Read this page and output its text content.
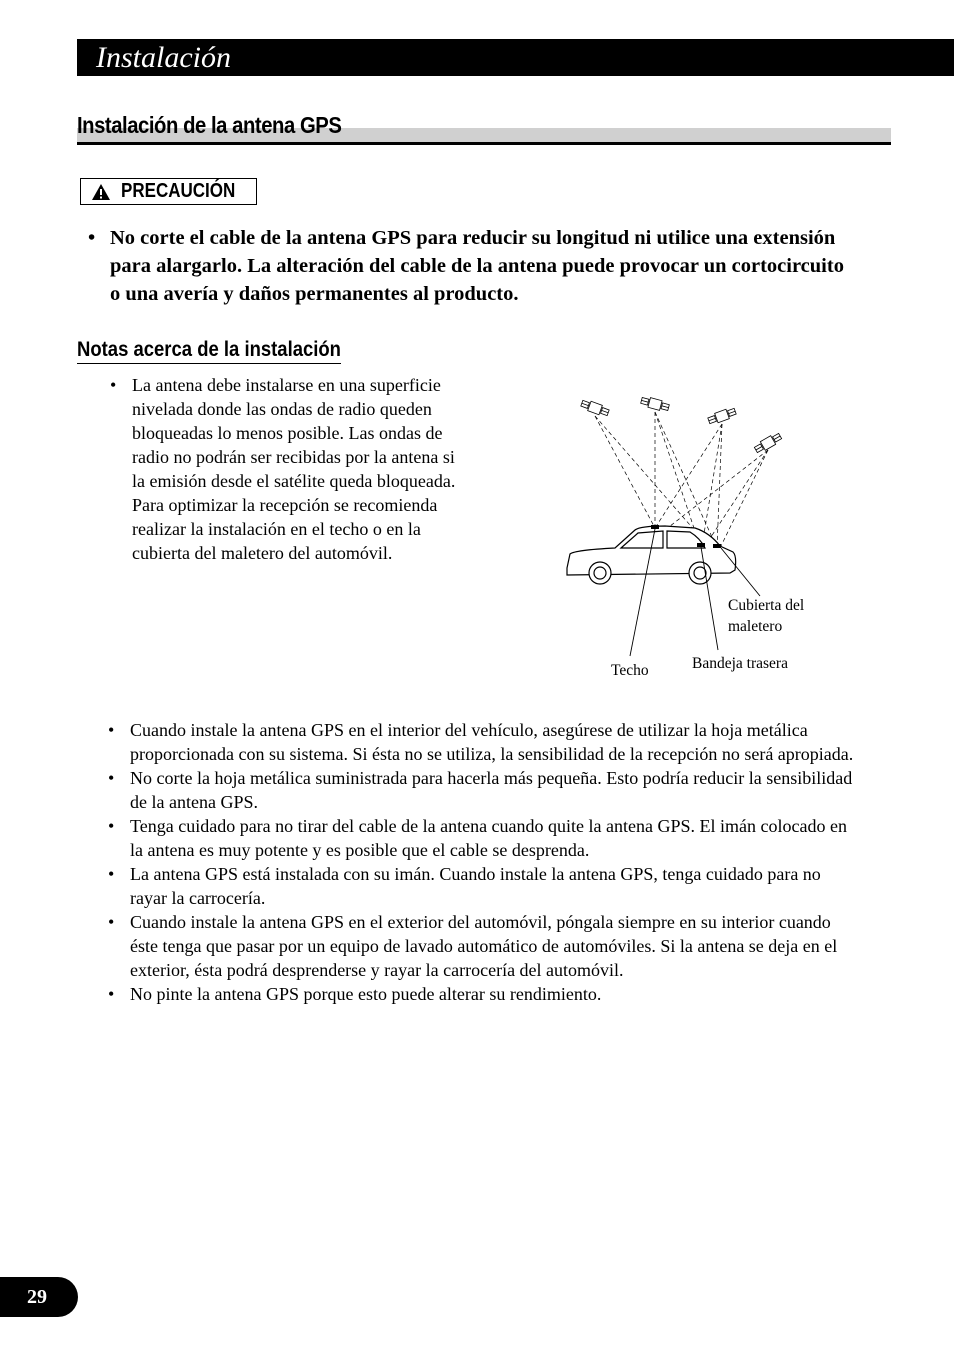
Instalación
Instalación de la antena GPS
PRECAUCIÓN
• No corte el cable de la antena GPS para reducir su longitud ni utilice una extensión para alargarlo. La alteración del cable de la antena puede provocar un cortocircuito o una avería y daños permanentes al producto.
Notas acerca de la instalación
• La antena debe instalarse en una superficie nivelada donde las ondas de radio queden bloqueadas lo menos posible. Las ondas de radio no podrán ser recibidas por la antena si la emisión desde el satélite queda bloqueada. Para optimizar la recepción se recomienda realizar la instalación en el techo o en la cubierta del maletero del automóvil.
Cubierta del
maletero
Techo	Bandeja trasera
• Cuando instale la antena GPS en el interior del vehículo, asegúrese de utilizar la hoja metálica proporcionada con su sistema. Si ésta no se utiliza, la sensibilidad de la recepción no será apropiada.
• No corte la hoja metálica suministrada para hacerla más pequeña. Esto podría reducir la sensibilidad de la antena GPS.
• Tenga cuidado para no tirar del cable de la antena cuando quite la antena GPS. El imán colocado en la antena es muy potente y es posible que el cable se desprenda.
• La antena GPS está instalada con su imán. Cuando instale la antena GPS, tenga cuidado para no rayar la carrocería.
• Cuando instale la antena GPS en el exterior del automóvil, póngala siempre en su interior cuando éste tenga que pasar por un equipo de lavado automático de automóviles. Si la antena se deja en el exterior, ésta podrá desprenderse y rayar la carrocería del automóvil.
• No pinte la antena GPS porque esto puede alterar su rendimiento.
29
